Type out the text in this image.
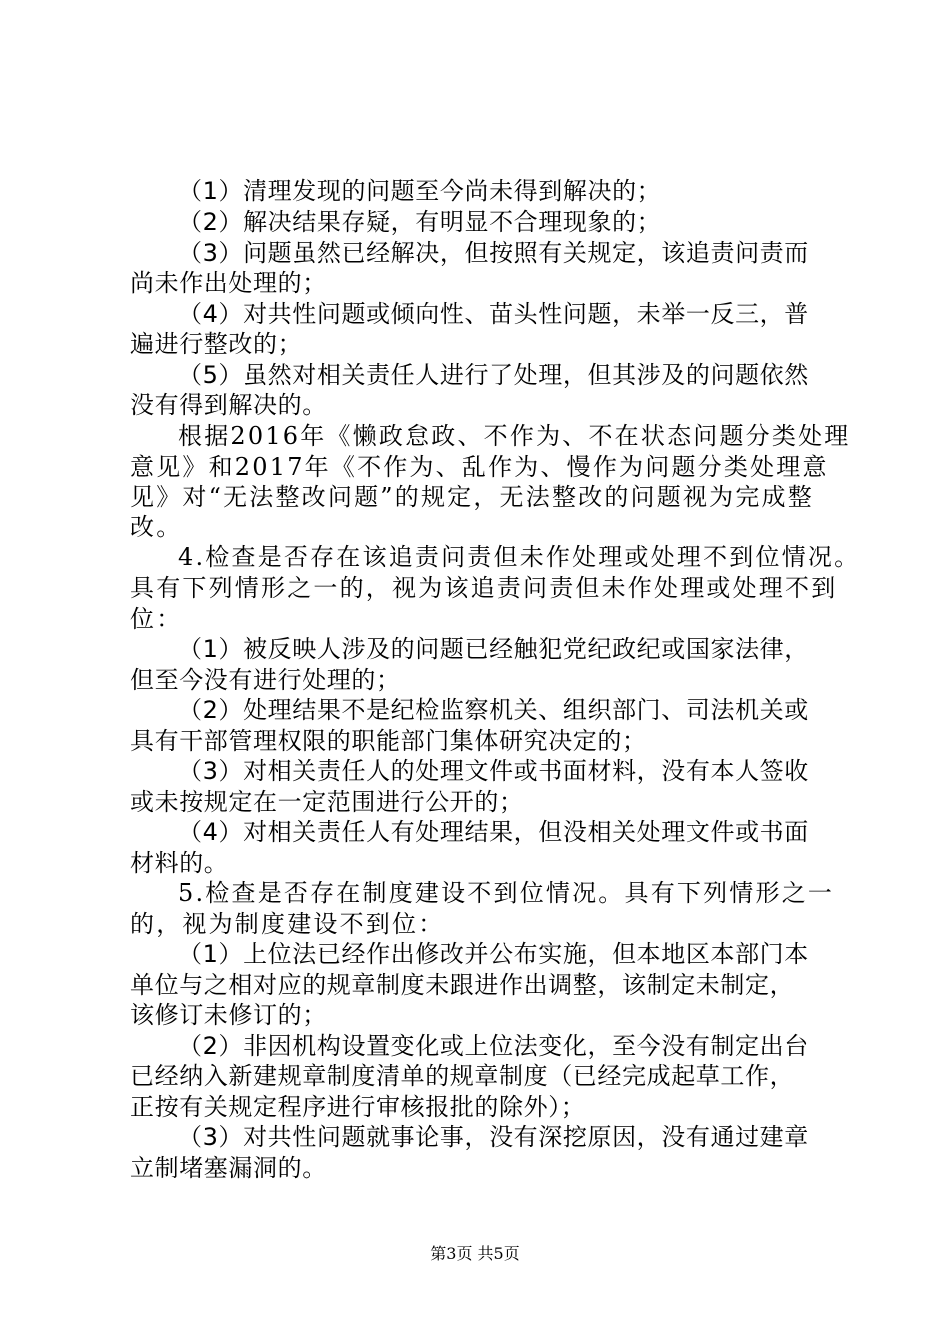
（1）清理发现的问题至今尚未得到解决的；
（2）解决结果存疑，有明显不合理现象的；
（3）问题虽然已经解决，但按照有关规定，该追责问责而
尚未作出处理的；
（4）对共性问题或倾向性、苗头性问题，未举一反三，普
遍进行整改的；
（5）虽然对相关责任人进行了处理，但其涉及的问题依然
没有得到解决的。
根据2016年《懒政怠政、不作为、不在状态问题分类处理
意见》和2017年《不作为、乱作为、慢作为问题分类处理意
见》对“无法整改问题”的规定，无法整改的问题视为完成整
改。
4.检查是否存在该追责问责但未作处理或处理不到位情况。
具有下列情形之一的，视为该追责问责但未作处理或处理不到
位：
（1）被反映人涉及的问题已经触犯党纪政纪或国家法律，
但至今没有进行处理的；
（2）处理结果不是纪检监察机关、组织部门、司法机关或
具有干部管理权限的职能部门集体研究决定的；
（3）对相关责任人的处理文件或书面材料，没有本人签收
或未按规定在一定范围进行公开的；
（4）对相关责任人有处理结果，但没相关处理文件或书面
材料的。
5.检查是否存在制度建设不到位情况。具有下列情形之一
的，视为制度建设不到位：
（1）上位法已经作出修改并公布实施，但本地区本部门本
单位与之相对应的规章制度未跟进作出调整，该制定未制定，
该修订未修订的；
（2）非因机构设置变化或上位法变化，至今没有制定出台
已经纳入新建规章制度清单的规章制度（已经完成起草工作，
正按有关规定程序进行审核报批的除外）；
（3）对共性问题就事论事，没有深挖原因，没有通过建章
立制堵塞漏洞的。
第3页 共5页
